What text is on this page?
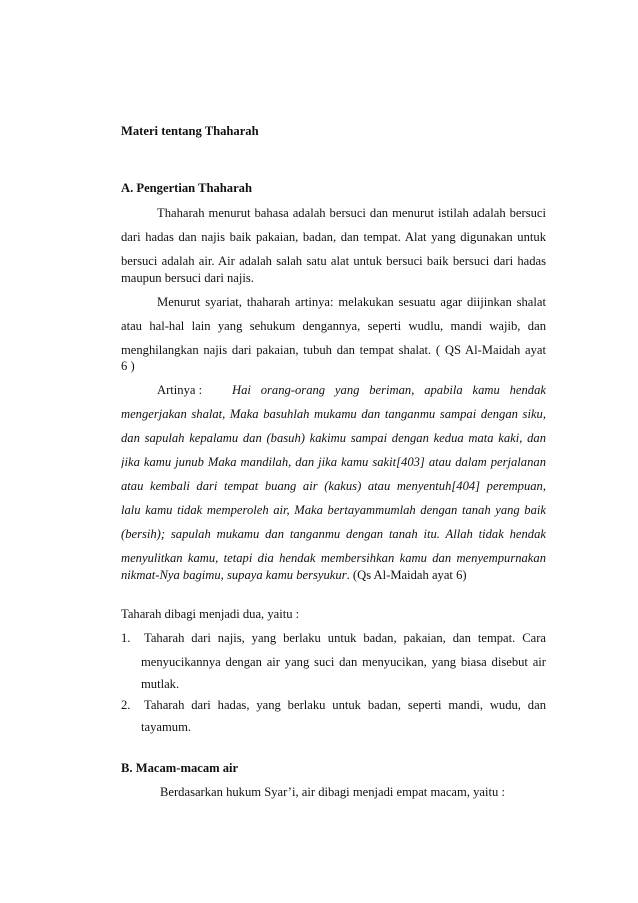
Materi tentang Thaharah
A. Pengertian Thaharah
Thaharah menurut bahasa adalah bersuci dan menurut istilah adalah bersuci
dari hadas dan najis baik pakaian, badan, dan tempat. Alat yang digunakan untuk
bersuci adalah air. Air adalah salah satu alat untuk bersuci baik bersuci dari hadas
maupun bersuci dari najis.
Menurut syariat, thaharah artinya: melakukan sesuatu agar diijinkan shalat
atau hal-hal lain yang sehukum dengannya, seperti wudlu, mandi wajib, dan
menghilangkan najis dari pakaian, tubuh dan tempat shalat. ( QS Al-Maidah ayat
6 )
Artinya :	Hai orang-orang yang beriman, apabila kamu hendak
mengerjakan shalat, Maka basuhlah mukamu dan tanganmu sampai dengan siku,
dan sapulah kepalamu dan (basuh) kakimu sampai dengan kedua mata kaki, dan
jika kamu junub Maka mandilah, dan jika kamu sakit[403] atau dalam perjalanan
atau kembali dari tempat buang air (kakus) atau menyentuh[404] perempuan,
lalu kamu tidak memperoleh air, Maka bertayammumlah dengan tanah yang baik
(bersih); sapulah mukamu dan tanganmu dengan tanah itu. Allah tidak hendak
menyulitkan kamu, tetapi dia hendak membersihkan kamu dan menyempurnakan
nikmat-Nya bagimu, supaya kamu bersyukur. (Qs Al-Maidah ayat 6)
Taharah dibagi menjadi dua, yaitu :
1. Taharah dari najis, yang berlaku untuk badan, pakaian, dan tempat. Cara
menyucikannya dengan air yang suci dan menyucikan, yang biasa disebut air
mutlak.
2. Taharah dari hadas, yang berlaku untuk badan, seperti mandi, wudu, dan
tayamum.
B. Macam-macam air
Berdasarkan hukum Syar’i, air dibagi menjadi empat macam, yaitu :
